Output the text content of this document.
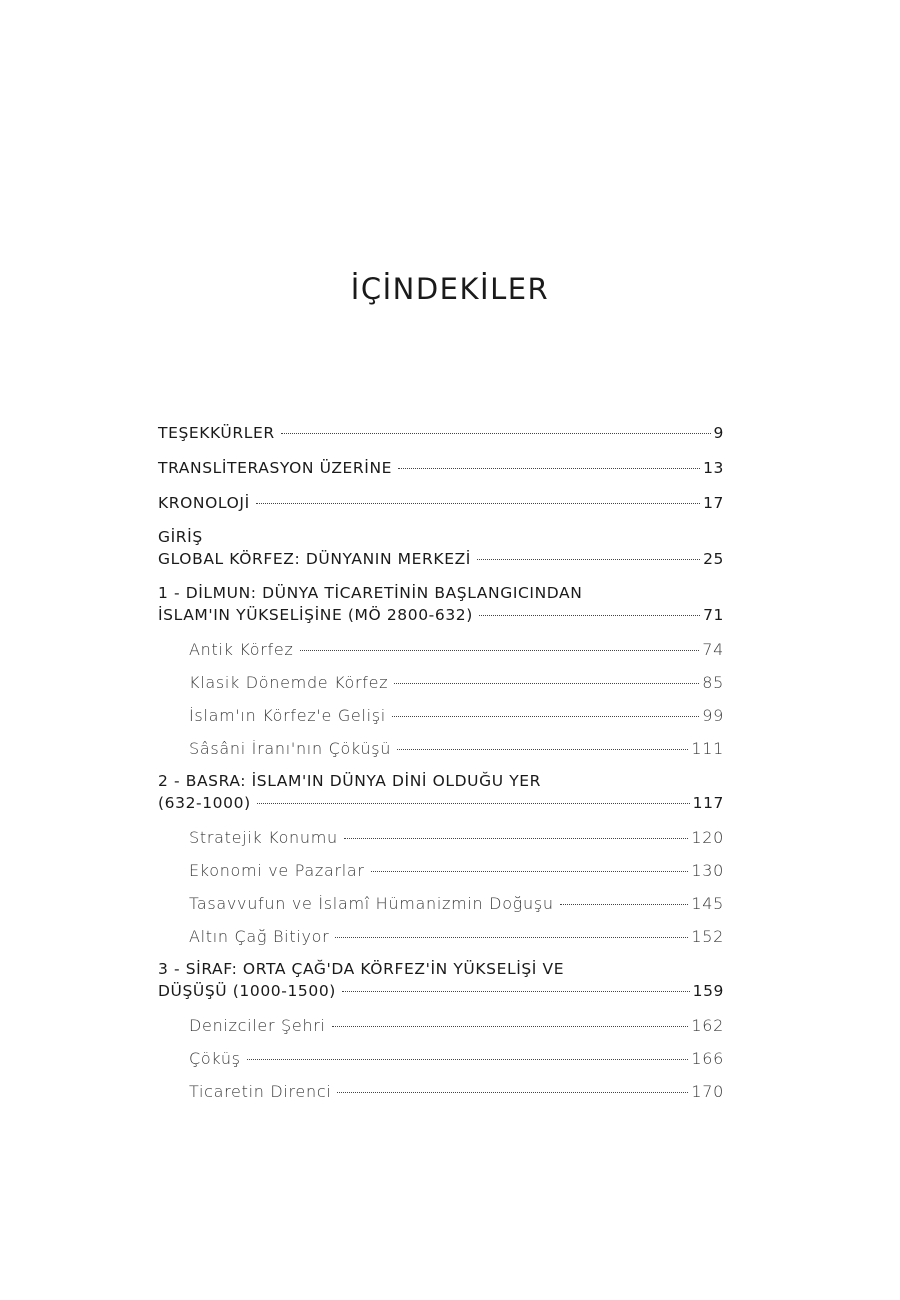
İÇİNDEKİLER
TEŞEKKÜRLER	9
TRANSLİTERASYON ÜZERİNE	13
KRONOLOJİ	17
GİRİŞ
GLOBAL KÖRFEZ: DÜNYANIN MERKEZİ	25
1 - DİLMUN: DÜNYA TİCARETİNİN BAŞLANGICINDAN
İSLAM'IN YÜKSELİŞİNE (MÖ 2800-632)	71
Antik Körfez	74
Klasik Dönemde Körfez	85
İslam'ın Körfez'e Gelişi	99
Sâsâni İranı'nın Çöküşü	111
2 - BASRA: İSLAM'IN DÜNYA DİNİ OLDUĞU YER
(632-1000)	117
Stratejik Konumu	120
Ekonomi ve Pazarlar	130
Tasavvufun ve İslamî Hümanizmin Doğuşu	145
Altın Çağ Bitiyor	152
3 - SİRAF: ORTA ÇAĞ'DA KÖRFEZ'İN YÜKSELİŞİ VE
DÜŞÜŞÜ (1000-1500)	159
Denizciler Şehri	162
Çöküş	166
Ticaretin Direnci	170
